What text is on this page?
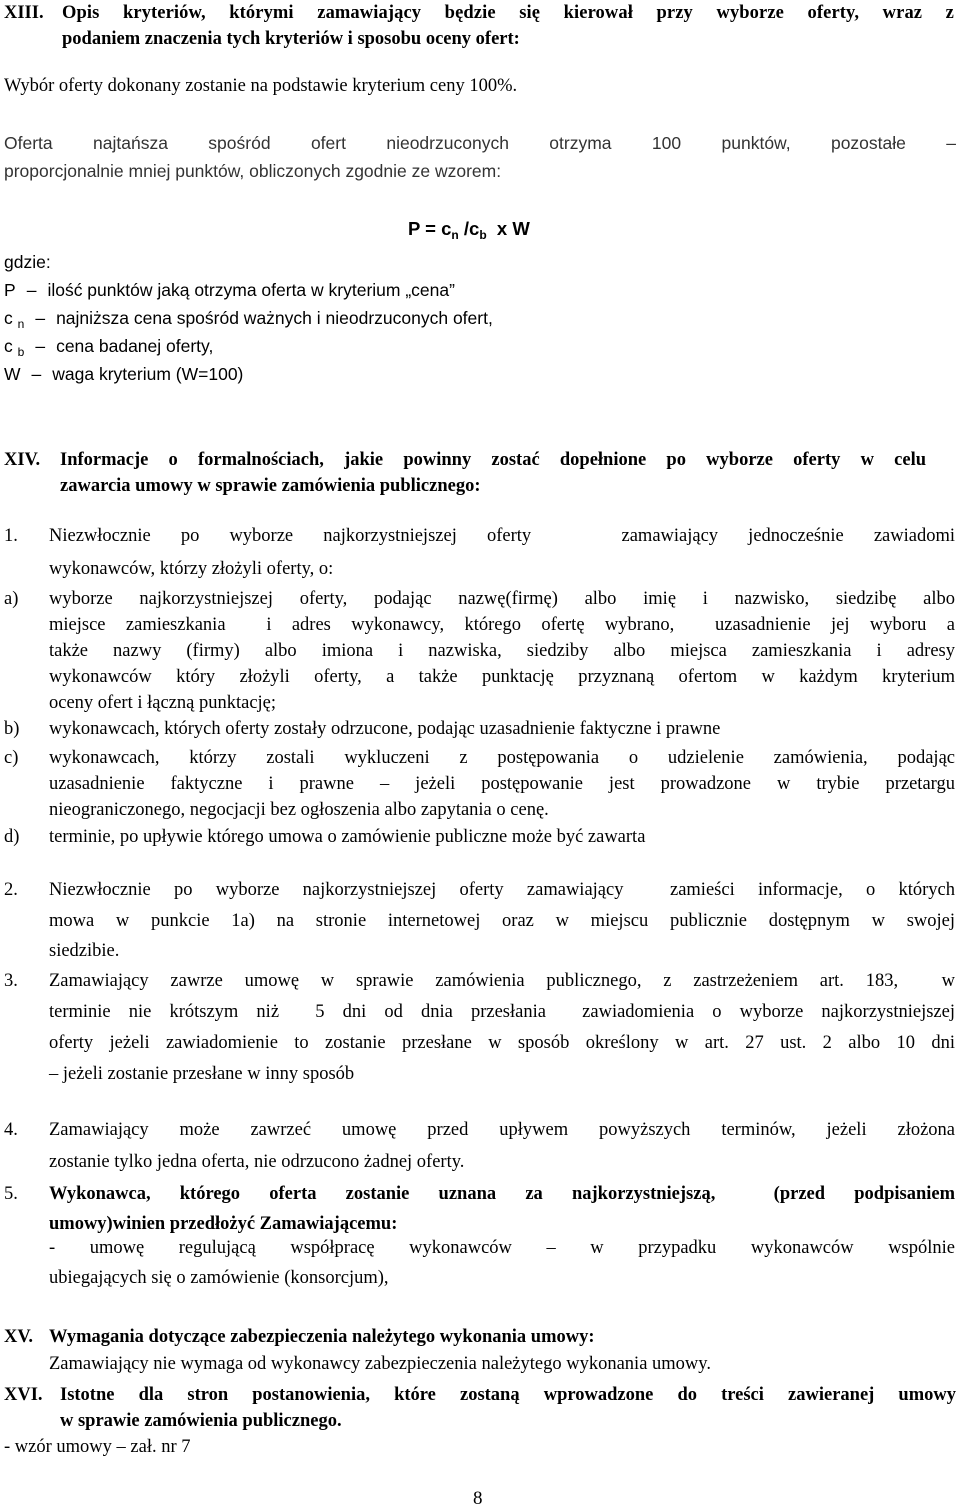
XIII. Opis kryteriów, którymi zamawiający będzie się kierował przy wyborze oferty, wraz z
podaniem znaczenia tych kryteriów i sposobu oceny ofert:
Wybór oferty dokonany zostanie na podstawie kryterium ceny 100%.
Oferta najtańsza spośród ofert nieodrzuconych otrzyma 100 punktów, pozostałe –
proporcjonalnie mniej punktów, obliczonych zgodnie ze wzorem:
$P = c_n$ $/c_b$  x W
gdzie:
P – ilość punktów jaką otrzyma oferta w kryterium „cena”
c $_n$ – najniższa cena spośród ważnych i nieodrzuconych ofert,
c $_b$ – cena badanej oferty,
W – waga kryterium (W=100)
XIV. Informacje o formalnościach, jakie powinny zostać dopełnione po wyborze oferty w celu
zawarcia umowy w sprawie zamówienia publicznego:
1. Niezwłocznie po wyborze najkorzystniejszej oferty   zamawiający jednocześnie zawiadomi
wykonawców, którzy złożyli oferty, o:
a) wyborze najkorzystniejszej oferty, podając nazwę(firmę) albo imię i nazwisko, siedzibę albo
miejsce zamieszkania  i adres wykonawcy, którego ofertę wybrano,  uzasadnienie jej wyboru a
także nazwy (firmy) albo imiona i nazwiska, siedziby albo miejsca zamieszkania i adresy
wykonawców który złożyli oferty, a także punktację przyznaną ofertom w każdym kryterium
oceny ofert i łączną punktację;
b) wykonawcach, których oferty zostały odrzucone, podając uzasadnienie faktyczne i prawne
c) wykonawcach, którzy zostali wykluczeni z postępowania o udzielenie zamówienia, podając
uzasadnienie faktyczne i prawne – jeżeli postępowanie jest prowadzone w trybie przetargu
nieograniczonego, negocjacji bez ogłoszenia albo zapytania o cenę.
d) terminie, po upływie którego umowa o zamówienie publiczne może być zawarta
2. Niezwłocznie po wyborze najkorzystniejszej oferty zamawiający  zamieści informacje, o których
mowa w punkcie 1a) na stronie internetowej oraz w miejscu publicznie dostępnym w swojej
siedzibie.
3. Zamawiający zawrze umowę w sprawie zamówienia publicznego, z zastrzeżeniem art. 183,  w
terminie nie krótszym niż  5 dni od dnia przesłania  zawiadomienia o wyborze najkorzystniejszej
oferty jeżeli zawiadomienie to zostanie przesłane w sposób określony w art. 27 ust. 2 albo 10 dni
– jeżeli zostanie przesłane w inny sposób
4. Zamawiający może zawrzeć umowę przed upływem powyższych terminów, jeżeli złożona
zostanie tylko jedna oferta, nie odrzucono żadnej oferty.
5. Wykonawca, którego oferta zostanie uznana za najkorzystniejszą,  (przed podpisaniem
umowy)winien przedłożyć Zamawiającemu:
- umowę regulującą współpracę wykonawców – w przypadku wykonawców wspólnie
ubiegających się o zamówienie (konsorcjum),
XV. Wymagania dotyczące zabezpieczenia należytego wykonania umowy:
Zamawiający nie wymaga od wykonawcy zabezpieczenia należytego wykonania umowy.
XVI. Istotne dla stron postanowienia, które zostaną wprowadzone do treści zawieranej umowy
w sprawie zamówienia publicznego.
- wzór umowy – zał. nr 7
8
